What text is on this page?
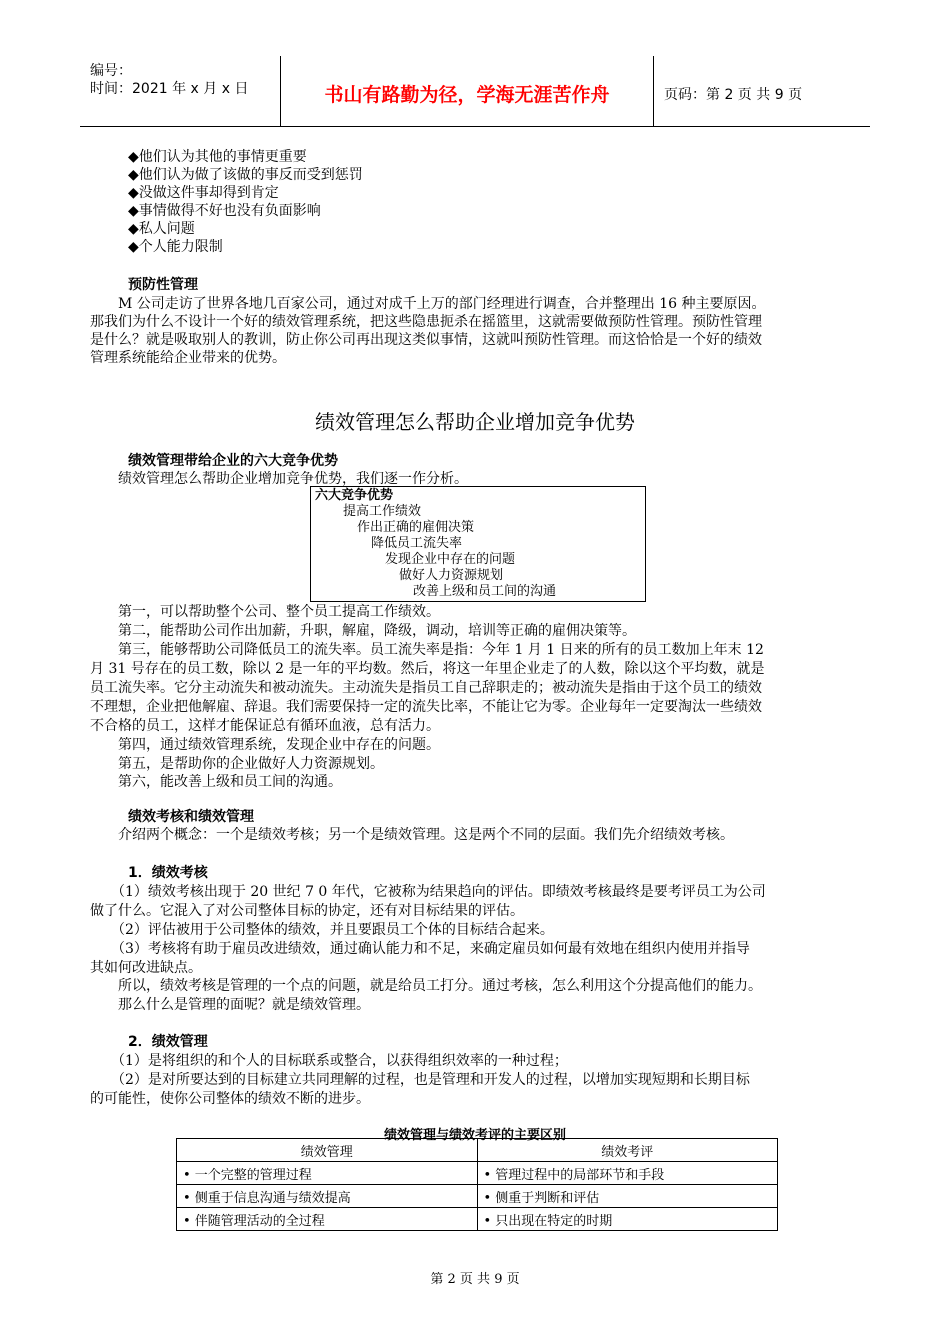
编号：
时间：2021 年 x 月 x 日	书山有路勤为径，学海无涯苦作舟	页码：第 2 页 共 9 页
◆他们认为其他的事情更重要
◆他们认为做了该做的事反而受到惩罚
◆没做这件事却得到肯定
◆事情做得不好也没有负面影响
◆私人问题
◆个人能力限制
预防性管理
　　M 公司走访了世界各地几百家公司，通过对成千上万的部门经理进行调查，合并整理出 16 种主要原因。
那我们为什么不设计一个好的绩效管理系统，把这些隐患扼杀在摇篮里，这就需要做预防性管理。预防性管理
是什么？就是吸取别人的教训，防止你公司再出现这类似事情，这就叫预防性管理。而这恰恰是一个好的绩效
管理系统能给企业带来的优势。
绩效管理怎么帮助企业增加竞争优势
绩效管理带给企业的六大竞争优势
　　绩效管理怎么帮助企业增加竞争优势，我们逐一作分析。
六大竞争优势
提高工作绩效
作出正确的雇佣决策
降低员工流失率
发现企业中存在的问题
做好人力资源规划
改善上级和员工间的沟通
　　第一，可以帮助整个公司、整个员工提高工作绩效。
　　第二，能帮助公司作出加薪，升职，解雇，降级，调动，培训等正确的雇佣决策等。
　　第三，能够帮助公司降低员工的流失率。员工流失率是指：今年 1 月 1 日来的所有的员工数加上年末 12
月 31 号存在的员工数，除以 2 是一年的平均数。然后，将这一年里企业走了的人数，除以这个平均数，就是
员工流失率。它分主动流失和被动流失。主动流失是指员工自己辞职走的；被动流失是指由于这个员工的绩效
不理想，企业把他解雇、辞退。我们需要保持一定的流失比率，不能让它为零。企业每年一定要淘汰一些绩效
不合格的员工，这样才能保证总有循环血液，总有活力。
　　第四，通过绩效管理系统，发现企业中存在的问题。
　　第五，是帮助你的企业做好人力资源规划。
　　第六，能改善上级和员工间的沟通。
绩效考核和绩效管理
　　介绍两个概念：一个是绩效考核；另一个是绩效管理。这是两个不同的层面。我们先介绍绩效考核。
1．绩效考核
　　（1）绩效考核出现于 20 世纪 7 0 年代，它被称为结果趋向的评估。即绩效考核最终是要考评员工为公司
做了什么。它混入了对公司整体目标的协定，还有对目标结果的评估。
　　（2）评估被用于公司整体的绩效，并且要跟员工个体的目标结合起来。
　　（3）考核将有助于雇员改进绩效，通过确认能力和不足，来确定雇员如何最有效地在组织内使用并指导
其如何改进缺点。
　　所以，绩效考核是管理的一个点的问题，就是给员工打分。通过考核，怎么利用这个分提高他们的能力。
　　那么什么是管理的面呢？就是绩效管理。
2．绩效管理
　　（1）是将组织的和个人的目标联系或整合，以获得组织效率的一种过程；
　　（2）是对所要达到的目标建立共同理解的过程，也是管理和开发人的过程，以增加实现短期和长期目标
的可能性，使你公司整体的绩效不断的进步。
绩效管理与绩效考评的主要区别
绩效管理	绩效考评
• 一个完整的管理过程	• 管理过程中的局部环节和手段
• 侧重于信息沟通与绩效提高	• 侧重于判断和评估
• 伴随管理活动的全过程	• 只出现在特定的时期
第 2 页 共 9 页
